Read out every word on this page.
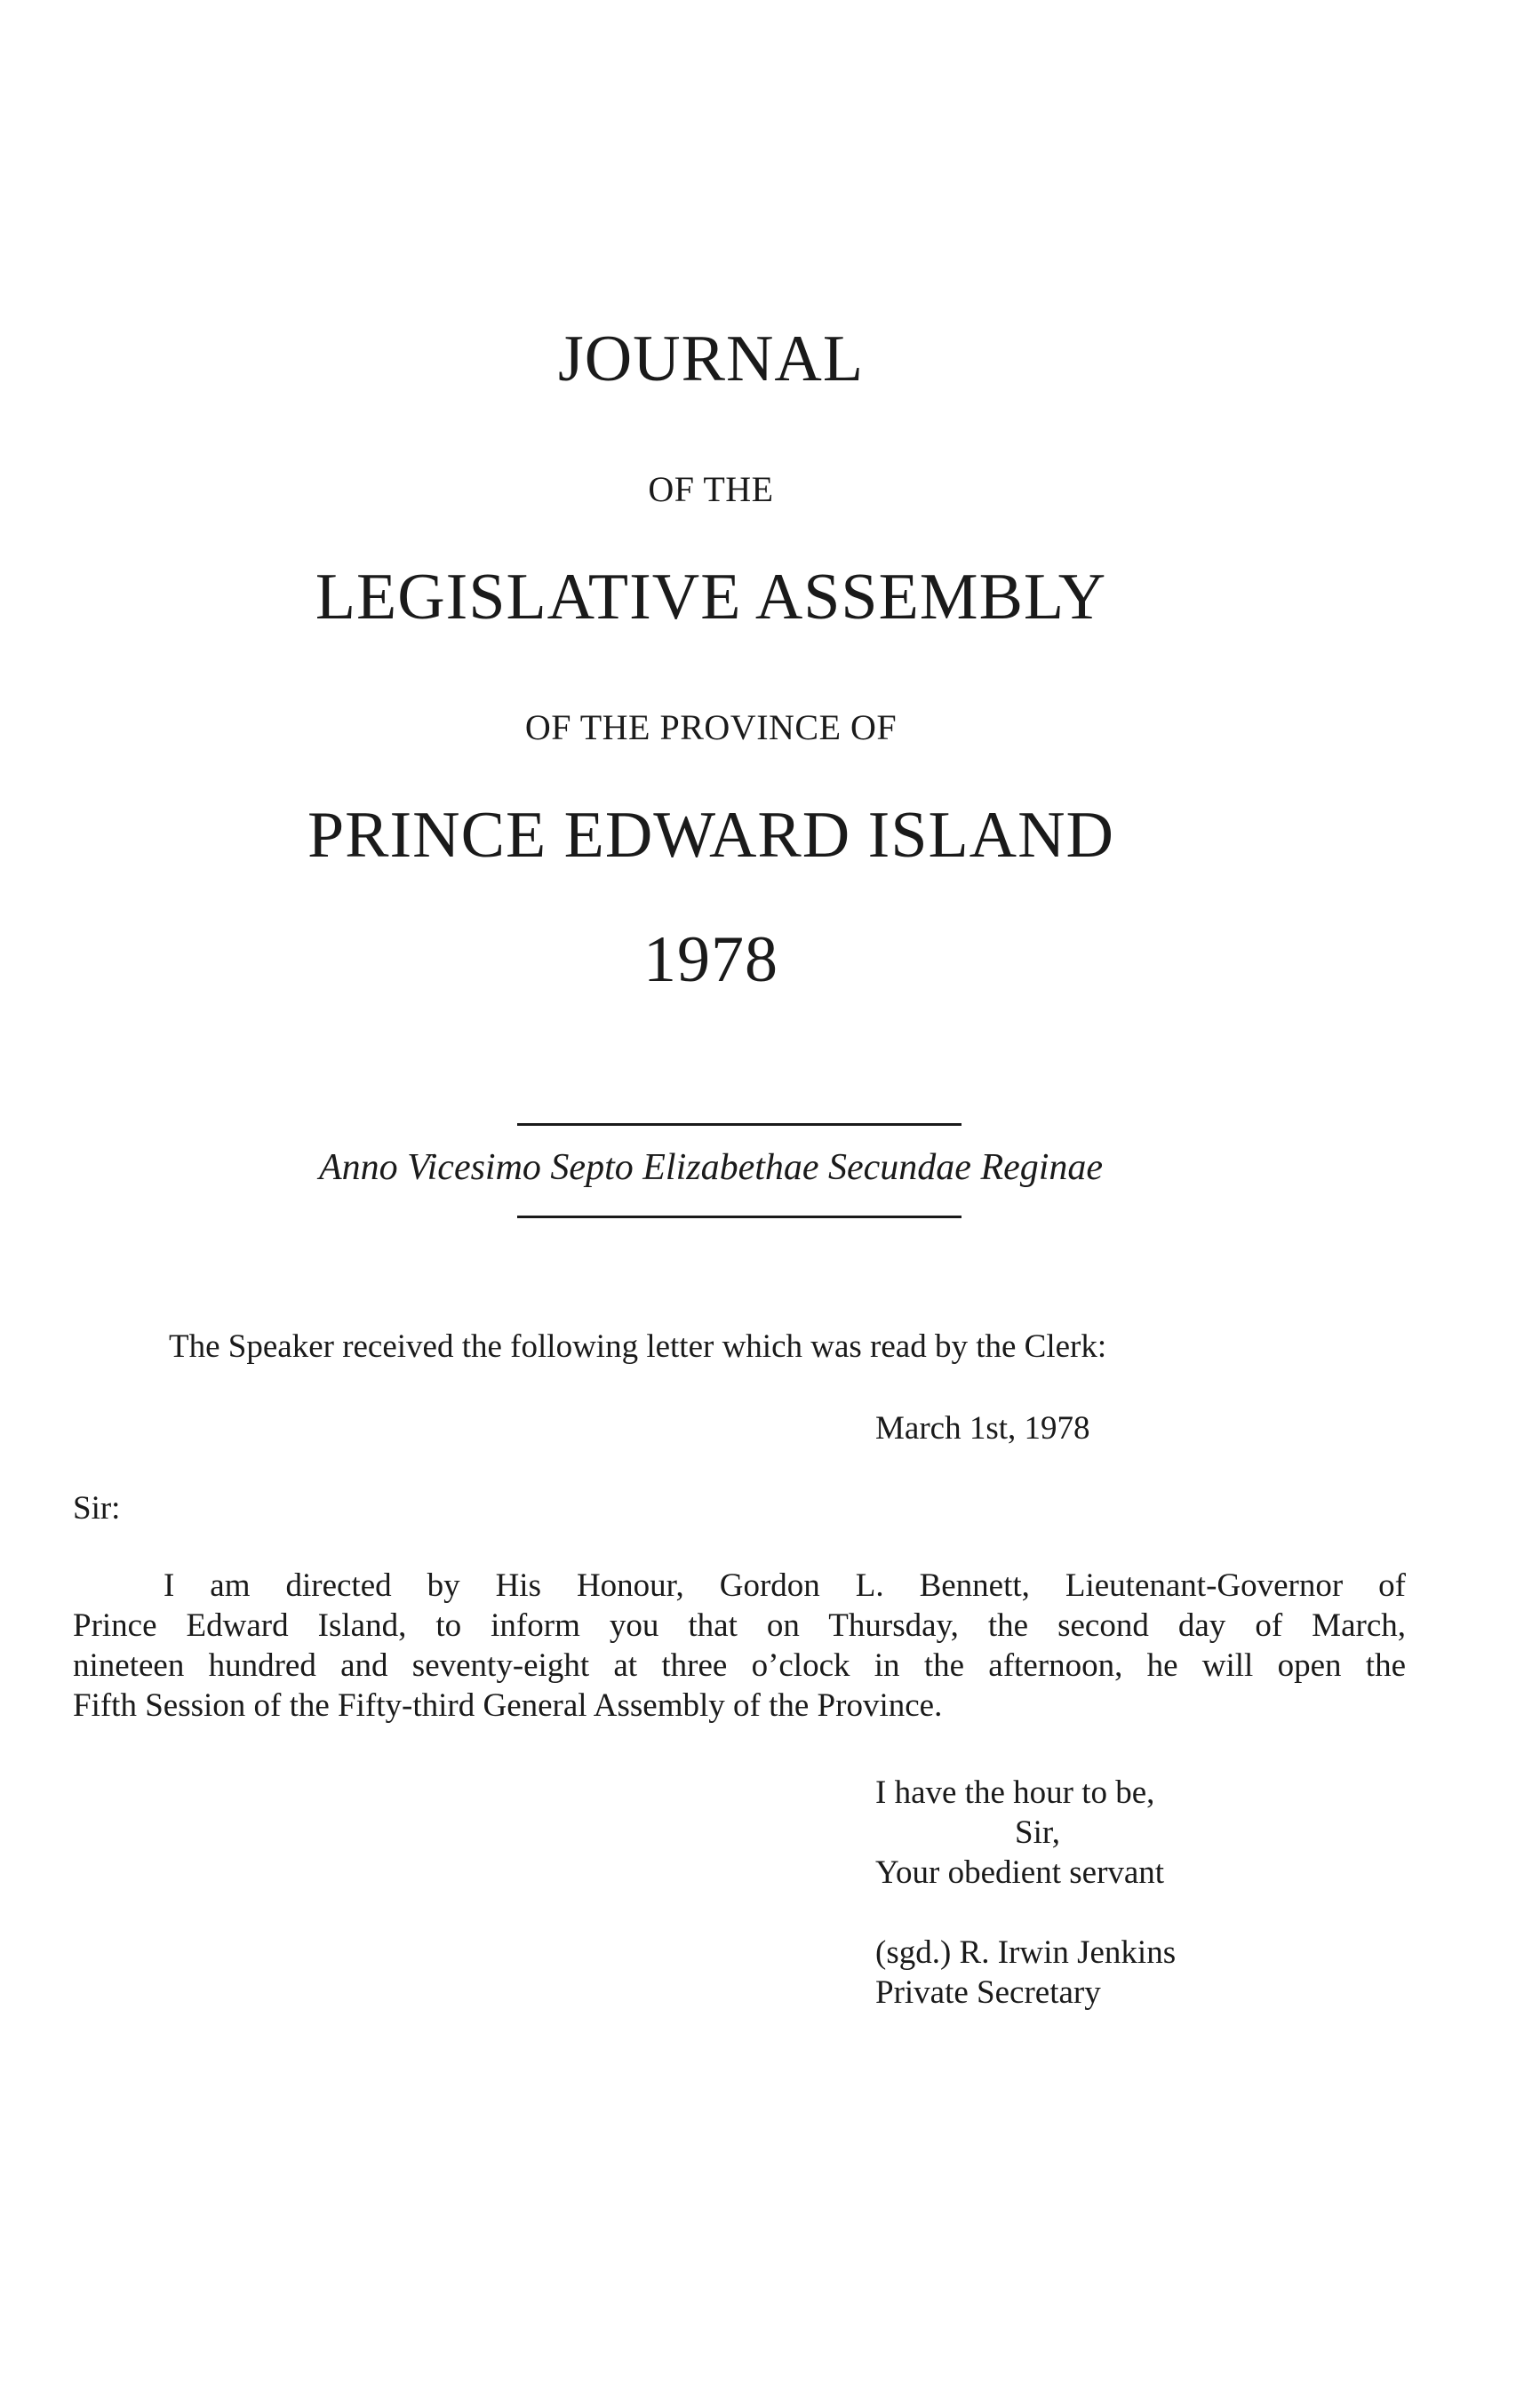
JOURNAL
OF THE
LEGISLATIVE ASSEMBLY
OF THE PROVINCE OF
PRINCE EDWARD ISLAND
1978
Anno Vicesimo Septo Elizabethae Secundae Reginae
The Speaker received the following letter which was read by the Clerk:
March 1st, 1978
Sir:
I am directed by His Honour, Gordon L. Bennett, Lieutenant-Governor of
Prince Edward Island, to inform you that on Thursday, the second day of March,
nineteen hundred and seventy-eight at three o’clock in the afternoon, he will open the
Fifth Session of the Fifty-third General Assembly of the Province.
I have the hour to be,
Sir,
Your obedient servant
(sgd.) R. Irwin Jenkins
Private Secretary
